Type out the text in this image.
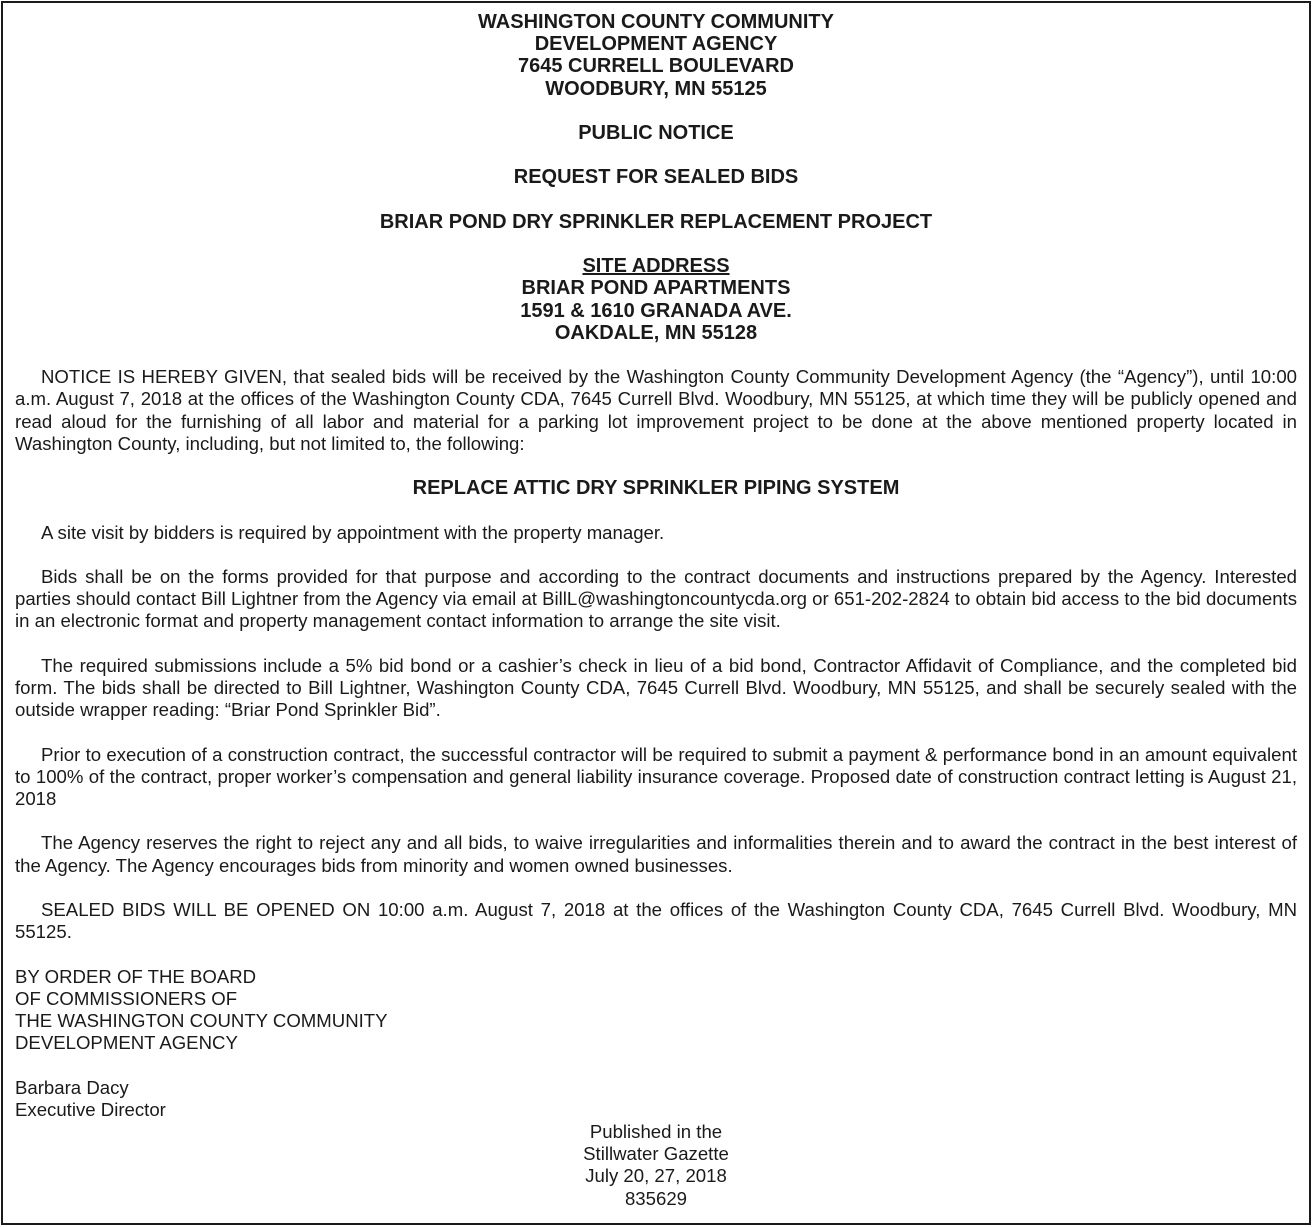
WASHINGTON COUNTY COMMUNITY
DEVELOPMENT AGENCY
7645 CURRELL BOULEVARD
WOODBURY, MN 55125
PUBLIC NOTICE
REQUEST FOR SEALED BIDS
BRIAR POND DRY SPRINKLER REPLACEMENT PROJECT
SITE ADDRESS
BRIAR POND APARTMENTS
1591 & 1610 GRANADA AVE.
OAKDALE, MN 55128

NOTICE IS HEREBY GIVEN, that sealed bids will be received by the Washington County Community Development Agency (the “Agency”), until 10:00 a.m. August 7, 2018 at the offices of the Washington County CDA, 7645 Currell Blvd. Woodbury, MN 55125, at which time they will be publicly opened and read aloud for the furnishing of all labor and material for a parking lot improvement project to be done at the above mentioned property located in Washington County, including, but not limited to, the following:

REPLACE ATTIC DRY SPRINKLER PIPING SYSTEM

A site visit by bidders is required by appointment with the property manager.

Bids shall be on the forms provided for that purpose and according to the contract documents and instructions prepared by the Agency. Interested parties should contact Bill Lightner from the Agency via email at BillL@washingtoncountycda.org or 651-202-2824 to obtain bid access to the bid documents in an electronic format and property management contact information to arrange the site visit.

The required submissions include a 5% bid bond or a cashier’s check in lieu of a bid bond, Contractor Affidavit of Compliance, and the completed bid form. The bids shall be directed to Bill Lightner, Washington County CDA, 7645 Currell Blvd. Woodbury, MN 55125, and shall be securely sealed with the outside wrapper reading: “Briar Pond Sprinkler Bid”.

Prior to execution of a construction contract, the successful contractor will be required to submit a payment & performance bond in an amount equivalent to 100% of the contract, proper worker’s compensation and general liability insurance coverage. Proposed date of construction contract letting is August 21, 2018

The Agency reserves the right to reject any and all bids, to waive irregularities and informalities therein and to award the contract in the best interest of the Agency. The Agency encourages bids from minority and women owned businesses.

SEALED BIDS WILL BE OPENED ON 10:00 a.m. August 7, 2018 at the offices of the Washington County CDA, 7645 Currell Blvd. Woodbury, MN 55125.

BY ORDER OF THE BOARD
OF COMMISSIONERS OF
THE WASHINGTON COUNTY COMMUNITY
DEVELOPMENT AGENCY
Barbara Dacy
Executive Director
Published in the
Stillwater Gazette
July 20, 27, 2018
835629
